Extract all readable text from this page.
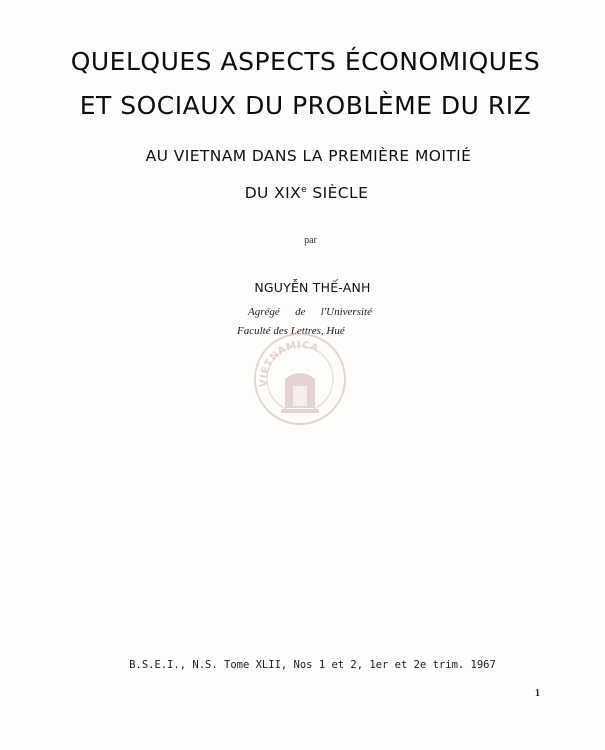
QUELQUES ASPECTS ÉCONOMIQUES
ET SOCIAUX DU PROBLÈME DU RIZ
AU VIETNAM DANS LA PREMIÈRE MOITIÉ
DU XIXe SIÈCLE
par
NGUYỄN THẾ-ANH
Agrégé de l'Université
Faculté des Lettres, Hué
VIETNAMICA
B.S.E.I., N.S. Tome XLII, Nos 1 et 2, 1er et 2e trim. 1967
1
